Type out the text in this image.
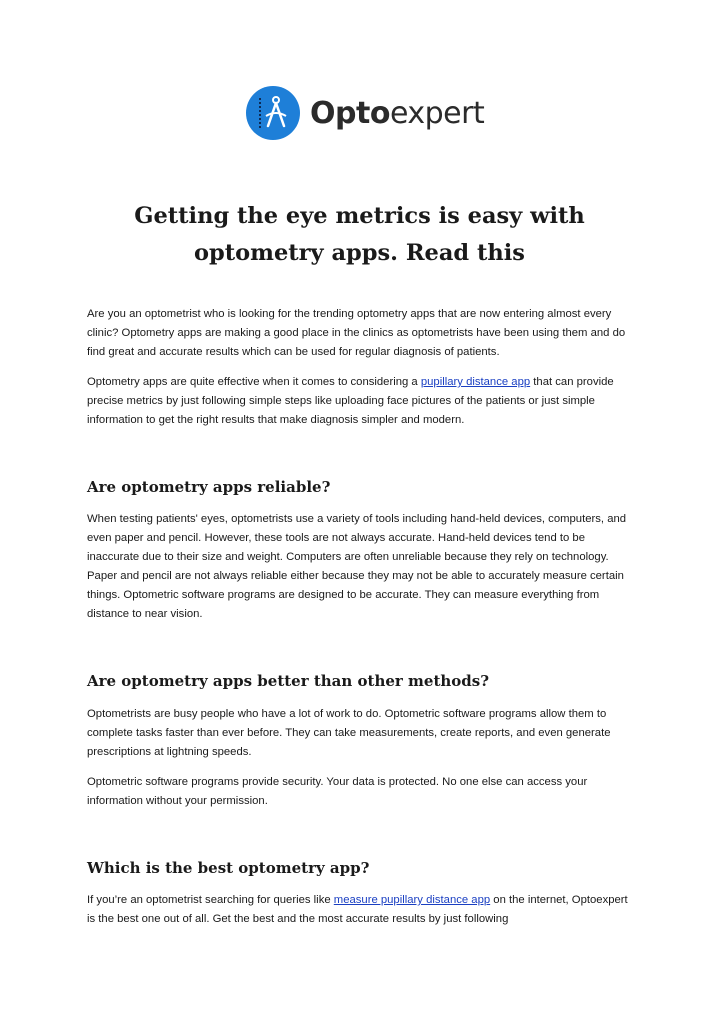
Optoexpert
Getting the eye metrics is easy with optometry apps. Read this

Are you an optometrist who is looking for the trending optometry apps that are now entering almost every clinic? Optometry apps are making a good place in the clinics as optometrists have been using them and do find great and accurate results which can be used for regular diagnosis of patients.

Optometry apps are quite effective when it comes to considering a pupillary distance app that can provide precise metrics by just following simple steps like uploading face pictures of the patients or just simple information to get the right results that make diagnosis simpler and modern.

Are optometry apps reliable?

When testing patients' eyes, optometrists use a variety of tools including hand-held devices, computers, and even paper and pencil. However, these tools are not always accurate. Hand-held devices tend to be inaccurate due to their size and weight. Computers are often unreliable because they rely on technology. Paper and pencil are not always reliable either because they may not be able to accurately measure certain things. Optometric software programs are designed to be accurate. They can measure everything from distance to near vision.

Are optometry apps better than other methods?

Optometrists are busy people who have a lot of work to do. Optometric software programs allow them to complete tasks faster than ever before. They can take measurements, create reports, and even generate prescriptions at lightning speeds.

Optometric software programs provide security. Your data is protected. No one else can access your information without your permission.

Which is the best optometry app?

If you’re an optometrist searching for queries like measure pupillary distance app on the internet, Optoexpert is the best one out of all. Get the best and the most accurate results by just following
